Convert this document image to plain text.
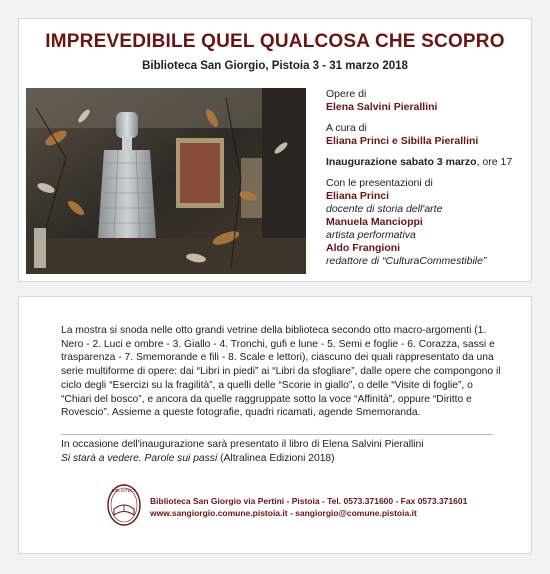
IMPREVEDIBILE QUEL QUALCOSA CHE SCOPRO
Biblioteca San Giorgio, Pistoia 3 - 31 marzo 2018
Opere di
Elena Salvini Pierallini
A cura di
Eliana Princi e Sibilla Pierallini
Inaugurazione sabato 3 marzo, ore 17
Con le presentazioni di
Eliana Princi
docente di storia dell'arte
Manuela Mancioppi
artista performativa
Aldo Frangioni
redattore di “CulturaCommestibile”
La mostra si snoda nelle otto grandi vetrine della biblioteca secondo otto macro-argomenti (1. Nero - 2. Luci e ombre - 3. Giallo - 4. Tronchi, gufi e lune - 5. Semi e foglie - 6. Corazza, sassi e trasparenza - 7. Smemorande e fili - 8. Scale e lettori), ciascuno dei quali rappresentato da una serie multiforme di opere: dai “Libri in piedi” ai “Libri da sfogliare”, dalle opere che compongono il ciclo degli “Esercizi su la fragilità”, a quelli delle “Scorie in giallo”, o delle “Visite di foglie”, o “Chiari del bosco”, e ancora da quelle raggruppate sotto la voce “Affinità”, oppure “Diritto e Rovescio”. Assieme a queste fotografie, quadri ricamati, agende Smemoranda.
In occasione dell'inaugurazione sarà presentato il libro di Elena Salvini Pierallini
Si starà a vedere. Parole sui passi (Altralinea Edizioni 2018)
BIBLIOTECA
Biblioteca San Giorgio via Pertini - Pistoia - Tel. 0573.371600 - Fax 0573.371601
www.sangiorgio.comune.pistoia.it - sangiorgio@comune.pistoia.it
